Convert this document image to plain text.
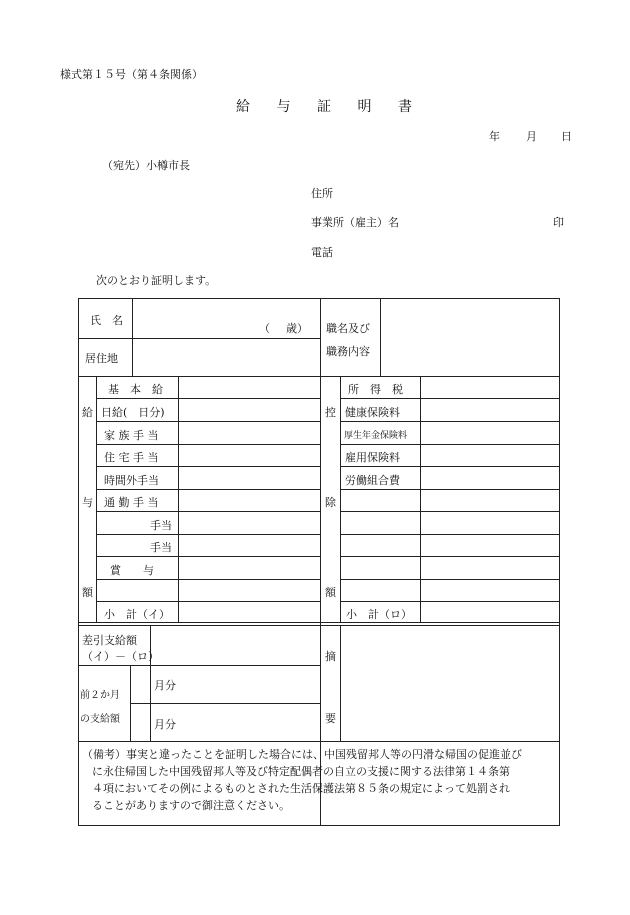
様式第１５号（第４条関係）
給 与 証 明 書
年 月 日
（宛先）小樽市長
住所
事業所（雇主）名	印
電話
次のとおり証明します。
氏　名
（ 歳）
居住地
職名及び
職務内容
給
与
額
基　本　給
日給(　日分)
家 族 手 当
住 宅 手 当
時間外手当
通 勤 手 当
手当
手当
賞　　与
小　計（イ）
控
除
額
所　得　税
健康保険料
厚生年金保険料
雇用保険料
労働組合費
小　計（ロ）
差引支給額
（イ）－（ロ）
前２か月
の支給額
月分
月分
摘
要
（備考）事実と違ったことを証明した場合には、中国残留邦人等の円滑な帰国の促進並び
に永住帰国した中国残留邦人等及び特定配偶者の自立の支援に関する法律第１４条第
４項においてその例によるものとされた生活保護法第８５条の規定によって処罰され
ることがありますので御注意ください。
